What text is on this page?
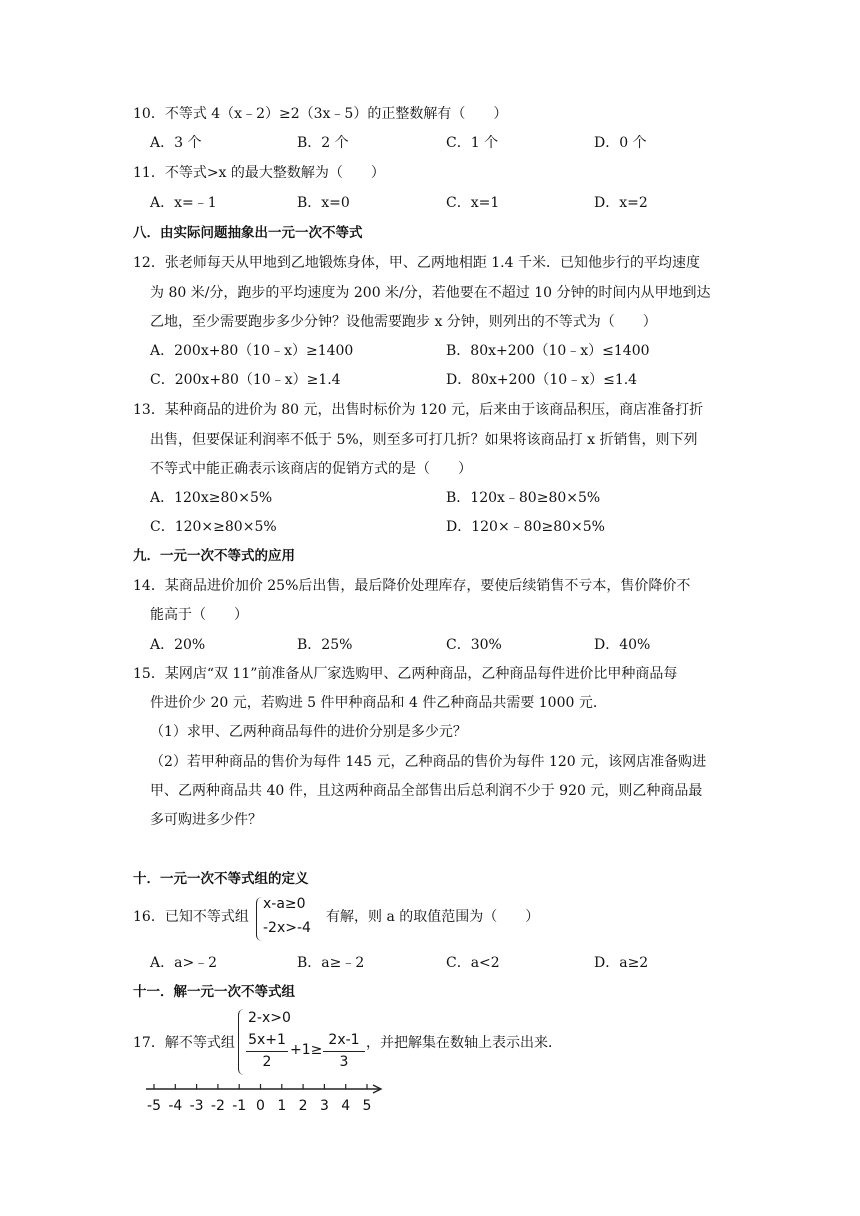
10．不等式 4（x﹣2）≥2（3x﹣5）的正整数解有（　　）
A．3 个	B．2 个	C．1 个	D．0 个
11．不等式>x 的最大整数解为（　　）
A．x=﹣1	B．x=0	C．x=1	D．x=2
八．由实际问题抽象出一元一次不等式
12．张老师每天从甲地到乙地锻炼身体，甲、乙两地相距 1.4 千米．已知他步行的平均速度
为 80 米/分，跑步的平均速度为 200 米/分，若他要在不超过 10 分钟的时间内从甲地到达
乙地，至少需要跑步多少分钟？设他需要跑步 x 分钟，则列出的不等式为（　　）
A．200x+80（10﹣x）≥1400	B．80x+200（10﹣x）≤1400
C．200x+80（10﹣x）≥1.4	D．80x+200（10﹣x）≤1.4
13．某种商品的进价为 80 元，出售时标价为 120 元，后来由于该商品积压，商店准备打折
出售，但要保证利润率不低于 5%，则至多可打几折？如果将该商品打 x 折销售，则下列
不等式中能正确表示该商店的促销方式的是（　　）
A．120x≥80×5%	B．120x﹣80≥80×5%
C．120×≥80×5%	D．120×﹣80≥80×5%
九．一元一次不等式的应用
14．某商品进价加价 25%后出售，最后降价处理库存，要使后续销售不亏本，售价降价不
能高于（　　）
A．20%	B．25%	C．30%	D．40%
15．某网店“双 11”前准备从厂家选购甲、乙两种商品，乙种商品每件进价比甲种商品每
件进价少 20 元，若购进 5 件甲种商品和 4 件乙种商品共需要 1000 元．
（1）求甲、乙两种商品每件的进价分别是多少元？
（2）若甲种商品的售价为每件 145 元，乙种商品的售价为每件 120 元，该网店准备购进
甲、乙两种商品共 40 件，且这两种商品全部售出后总利润不少于 920 元，则乙种商品最
多可购进多少件？
十．一元一次不等式组的定义
16．已知不等式组
x-a≥0
-2x>-4
有解，则 a 的取值范围为（　　）
A．a>﹣2	B．a≥﹣2	C．a<2	D．a≥2
十一．解一元一次不等式组
17．解不等式组
2-x>0
5x+1
2
+1≥
2x-1
3
，并把解集在数轴上表示出来．
-5 -4 -3 -2 -1 0 1 2 3 4 5
